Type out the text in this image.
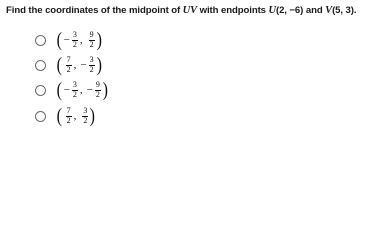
Find the coordinates of the midpoint of UV with endpoints U(2, −6) and V(5, 3).
( − $\frac{3}{2}$ , $\frac{9}{2}$ )
( $\frac{7}{2}$ , − $\frac{3}{2}$ )
( − $\frac{3}{2}$ , − $\frac{9}{2}$ )
( $\frac{7}{2}$ , $\frac{3}{2}$ )
